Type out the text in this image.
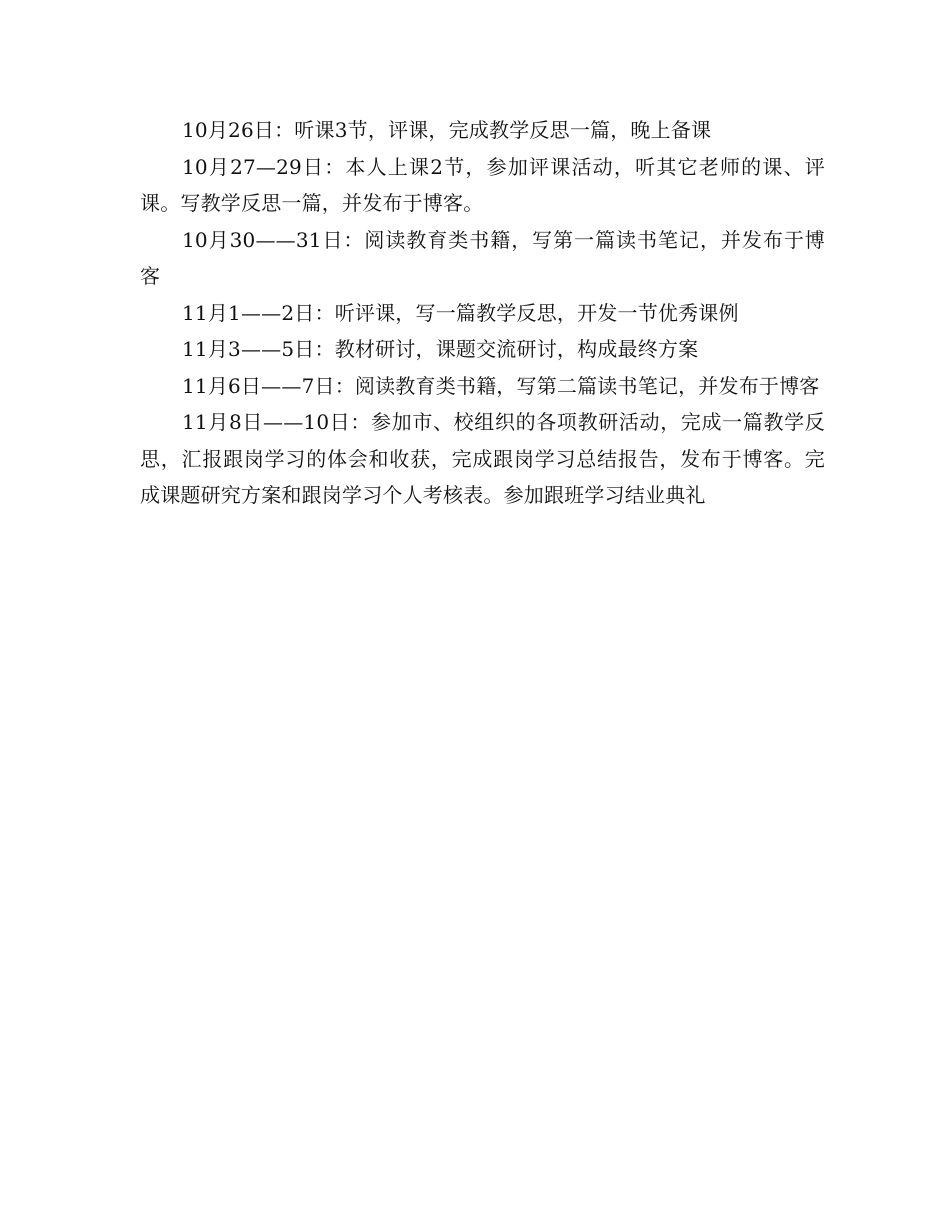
10月26日：听课3节，评课，完成教学反思一篇，晚上备课

10月27—29日：本人上课2节，参加评课活动，听其它老师的课、评课。写教学反思一篇，并发布于博客。

10月30——31日：阅读教育类书籍，写第一篇读书笔记，并发布于博客

11月1——2日：听评课，写一篇教学反思，开发一节优秀课例

11月3——5日：教材研讨，课题交流研讨，构成最终方案

11月6日——7日：阅读教育类书籍，写第二篇读书笔记，并发布于博客

11月8日——10日：参加市、校组织的各项教研活动，完成一篇教学反思，汇报跟岗学习的体会和收获，完成跟岗学习总结报告，发布于博客。完成课题研究方案和跟岗学习个人考核表。参加跟班学习结业典礼
